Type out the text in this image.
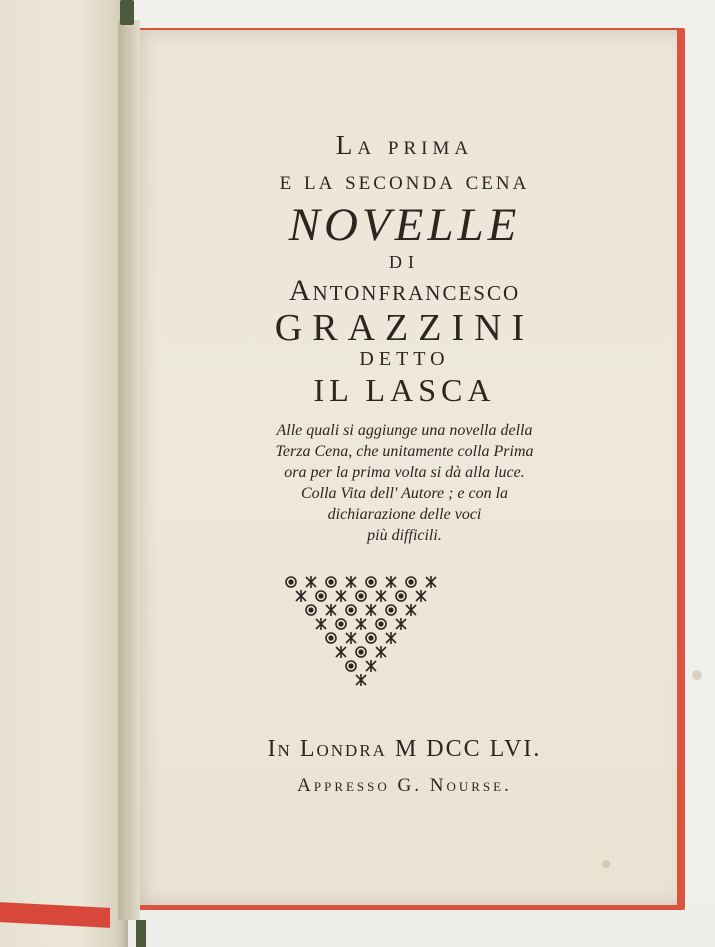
La prima
e la seconda cena
NOVELLE
DI
Antonfrancesco
GRAZZINI
DETTO
IL LASCA
Alle quali si aggiunge una novella della
Terza Cena, che unitamente colla Prima
ora per la prima volta si dà alla luce.
Colla Vita dell' Autore ; e con la
dichiarazione delle voci
più difficili.
In Londra M DCC LVI.
Appresso G. Nourse.
